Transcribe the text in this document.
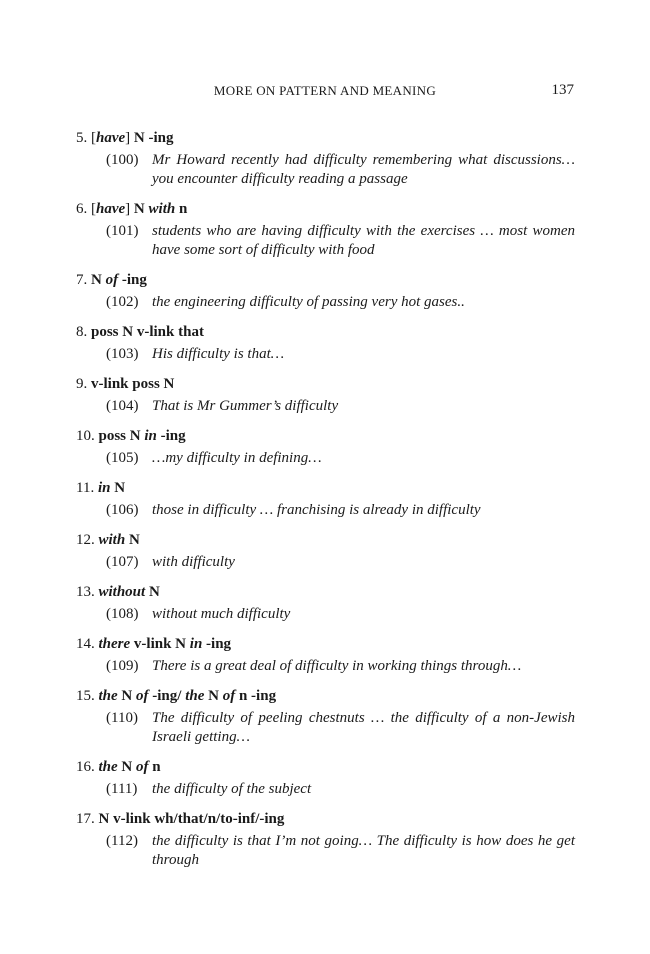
MORE ON PATTERN AND MEANING	137
5. [have] N -ing
(100) Mr Howard recently had difficulty remembering what discussions… you encounter difficulty reading a passage
6. [have] N with n
(101) students who are having difficulty with the exercises … most women have some sort of difficulty with food
7. N of -ing
(102) the engineering difficulty of passing very hot gases..
8. poss N v-link that
(103) His difficulty is that…
9. v-link poss N
(104) That is Mr Gummer’s difficulty
10. poss N in -ing
(105) …my difficulty in defining…
11. in N
(106) those in difficulty … franchising is already in difficulty
12. with N
(107) with difficulty
13. without N
(108) without much difficulty
14. there v-link N in -ing
(109) There is a great deal of difficulty in working things through…
15. the N of -ing/ the N of n -ing
(110) The difficulty of peeling chestnuts … the difficulty of a non-Jewish Israeli getting…
16. the N of n
(111) the difficulty of the subject
17. N v-link wh/that/n/to-inf/-ing
(112) the difficulty is that I’m not going… The difficulty is how does he get through
